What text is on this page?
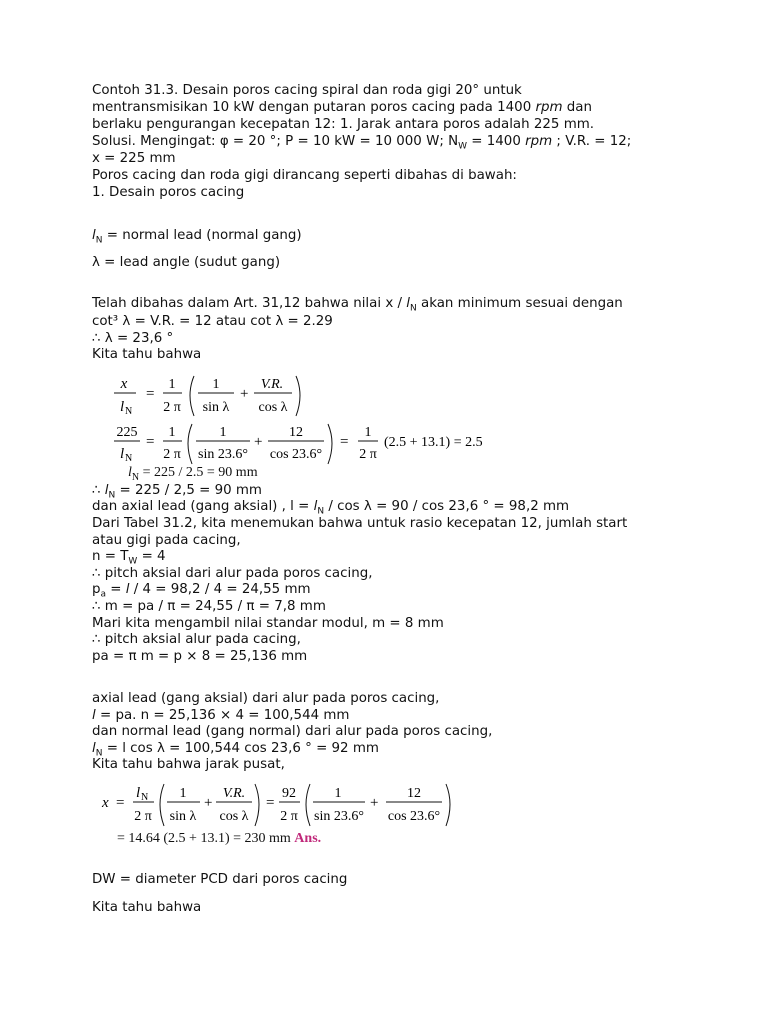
Contoh 31.3. Desain poros cacing spiral dan roda gigi 20° untuk
mentransmisikan 10 kW dengan putaran poros cacing pada 1400 rpm dan
berlaku pengurangan kecepatan 12: 1. Jarak antara poros adalah 225 mm.
Solusi. Mengingat: φ = 20 °; P = 10 kW = 10 000 W; $N_W = 1400$ rpm ; V.R. = 12;
x = 225 mm
Poros cacing dan roda gigi dirancang seperti dibahas di bawah:
1. Desain poros cacing
$l_N$ = normal lead (normal gang)
λ = lead angle (sudut gang)
Telah dibahas dalam Art. 31,12 bahwa nilai x / $l_N$ akan minimum sesuai dengan
cot³ λ = V.R. = 12 atau cot λ = 2.29
∴ λ = 23,6 °
Kita tahu bahwa
x
l N
=
1
2 π
1
sin λ
+
V.R.
cos λ
225
l N
=
1
2 π
1
sin 23.6°
+
12
cos 23.6°
=
1
2 π
(2.5 + 13.1) = 2.5
$l_N = 225 / 2.5 = 90$ mm
∴ $l_N = 225 / 2,5 = 90$ mm
dan axial lead (gang aksial) , $l = l_N / \cos \lambda = 90 / \cos 23,6$ ° = 98,2 mm
Dari Tabel 31.2, kita menemukan bahwa untuk rasio kecepatan 12, jumlah start
atau gigi pada cacing,
$n = T_W = 4$
∴ pitch aksial dari alur pada poros cacing,
$p_a = l / 4 = 98,2 / 4 = 24,55$ mm
∴ m = pa / π = 24,55 / π = 7,8 mm
Mari kita mengambil nilai standar modul, m = 8 mm
∴ pitch aksial alur pada cacing,
pa = π m = p × 8 = 25,136 mm
axial lead (gang aksial) dari alur pada poros cacing,
l = pa. n = 25,136 × 4 = 100,544 mm
dan normal lead (gang normal) dari alur pada poros cacing,
$l_N = l$ cos λ = 100,544 cos 23,6 ° = 92 mm
Kita tahu bahwa jarak pusat,
x =
l N
2 π
1
sin λ
+
V.R.
cos λ
=
92
2 π
1
sin 23.6°
+
12
cos 23.6°
= 14.64 (2.5 + 13.1) = 230 mm Ans.
DW = diameter PCD dari poros cacing
Kita tahu bahwa
